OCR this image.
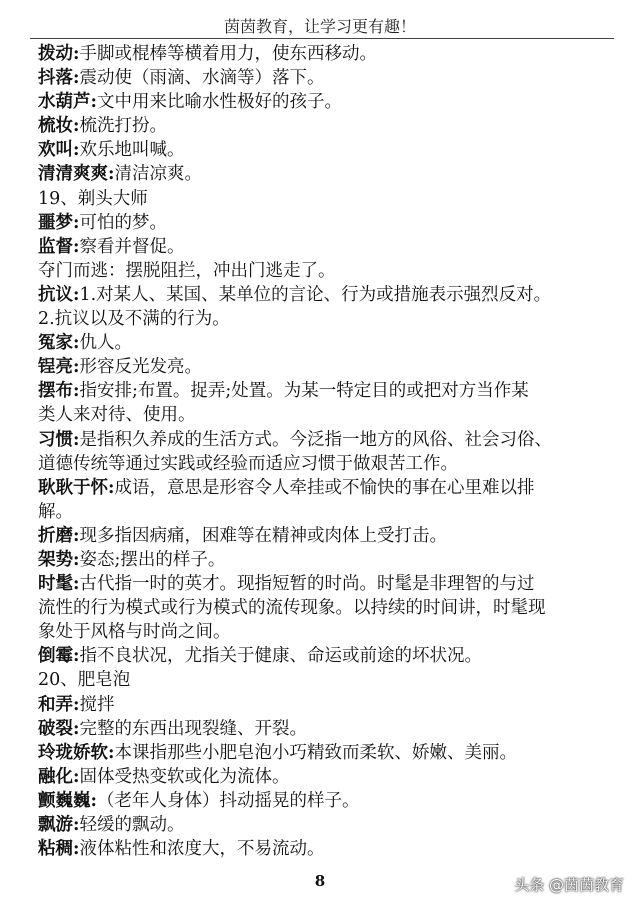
茵茵教育，让学习更有趣！
拨动:手脚或棍棒等横着用力，使东西移动。
抖落:震动使（雨滴、水滴等）落下。
水葫芦:文中用来比喻水性极好的孩子。
梳妆:梳洗打扮。
欢叫:欢乐地叫喊。
清清爽爽:清洁凉爽。
19、剃头大师
噩梦:可怕的梦。
监督:察看并督促。
夺门而逃：摆脱阻拦，冲出门逃走了。
抗议:1.对某人、某国、某单位的言论、行为或措施表示强烈反对。
2.抗议以及不满的行为。
冤家:仇人。
锃亮:形容反光发亮。
摆布:指安排;布置。捉弄;处置。为某一特定目的或把对方当作某
类人来对待、使用。
习惯:是指积久养成的生活方式。今泛指一地方的风俗、社会习俗、
道德传统等通过实践或经验而适应习惯于做艰苦工作。
耿耿于怀:成语，意思是形容令人牵挂或不愉快的事在心里难以排
解。
折磨:现多指因病痛，困难等在精神或肉体上受打击。
架势:姿态;摆出的样子。
时髦:古代指一时的英才。现指短暂的时尚。时髦是非理智的与过
流性的行为模式或行为模式的流传现象。以持续的时间讲，时髦现
象处于风格与时尚之间。
倒霉:指不良状况，尤指关于健康、命运或前途的坏状况。
20、肥皂泡
和弄:搅拌
破裂:完整的东西出现裂缝、开裂。
玲珑娇软:本课指那些小肥皂泡小巧精致而柔软、娇嫩、美丽。
融化:固体受热变软或化为流体。
颤巍巍:（老年人身体）抖动摇晃的样子。
飘游:轻缓的飘动。
粘稠:液体粘性和浓度大，不易流动。
8	头条 @茵茵教育
